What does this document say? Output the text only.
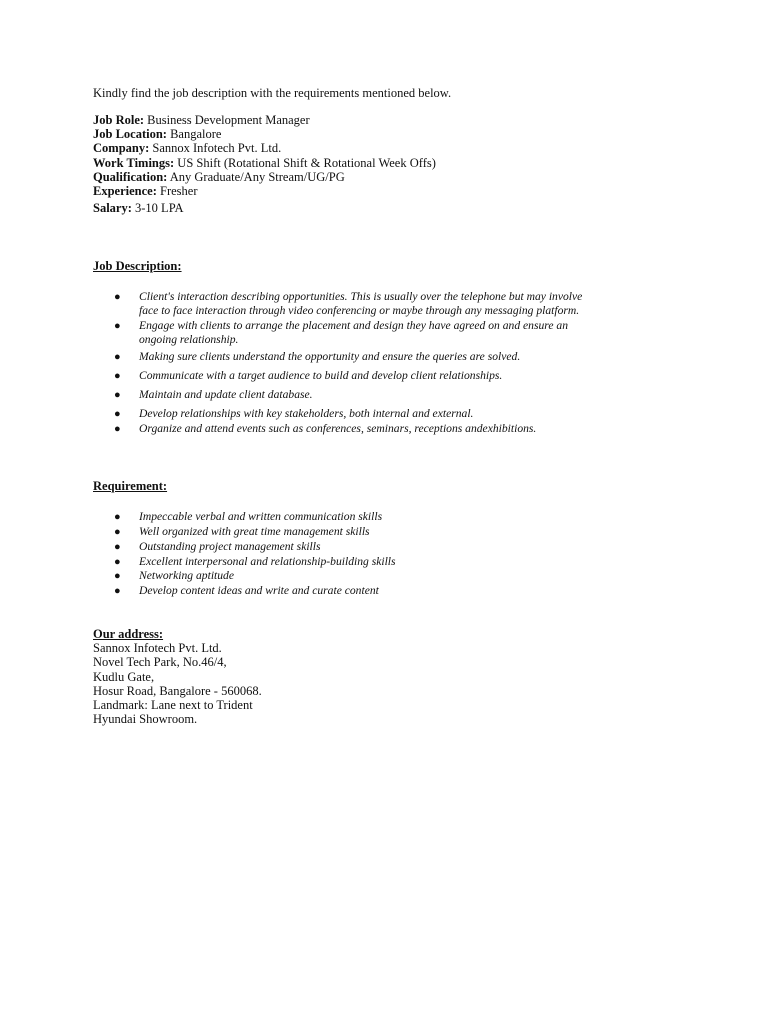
Kindly find the job description with the requirements mentioned below.
Job Role: Business Development Manager
Job Location: Bangalore
Company: Sannox Infotech Pvt. Ltd.
Work Timings: US Shift (Rotational Shift & Rotational Week Offs)
Qualification: Any Graduate/Any Stream/UG/PG
Experience: Fresher
Salary: 3-10 LPA
Job Description:
● Client's interaction describing opportunities. This is usually over the telephone but may involve
face to face interaction through video conferencing or maybe through any messaging platform.
● Engage with clients to arrange the placement and design they have agreed on and ensure an
ongoing relationship.
● Making sure clients understand the opportunity and ensure the queries are solved.
● Communicate with a target audience to build and develop client relationships.
● Maintain and update client database.
● Develop relationships with key stakeholders, both internal and external.
● Organize and attend events such as conferences, seminars, receptions andexhibitions.
Requirement:
● Impeccable verbal and written communication skills
● Well organized with great time management skills
● Outstanding project management skills
● Excellent interpersonal and relationship-building skills
● Networking aptitude
● Develop content ideas and write and curate content
Our address:
Sannox Infotech Pvt. Ltd.
Novel Tech Park, No.46/4,
Kudlu Gate,
Hosur Road, Bangalore - 560068.
Landmark: Lane next to Trident
Hyundai Showroom.
